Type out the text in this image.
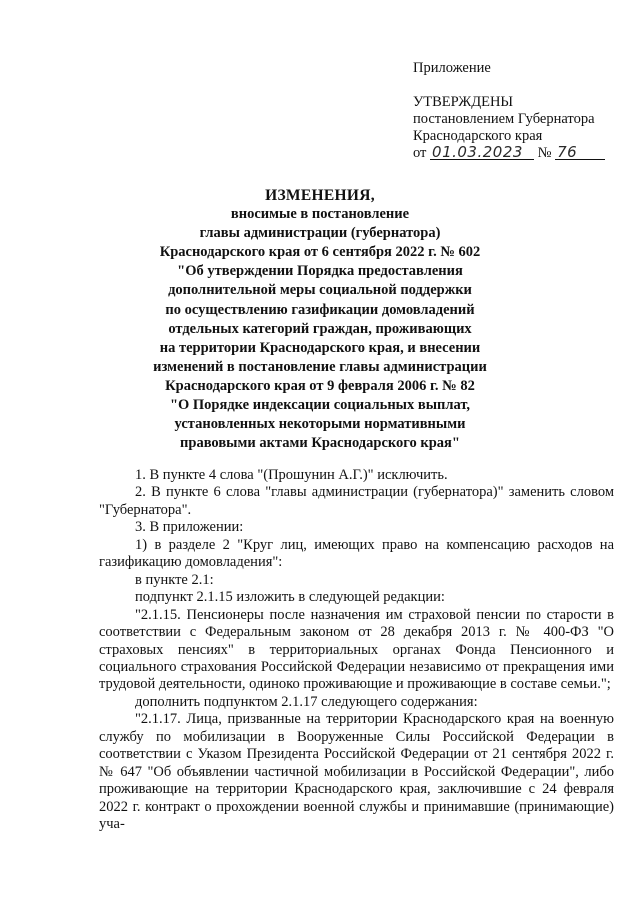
Приложение
УТВЕРЖДЕНЫ
постановлением Губернатора
Краснодарского края
от 01.03.2023 № 76
ИЗМЕНЕНИЯ,
вносимые в постановление
главы администрации (губернатора)
Краснодарского края от 6 сентября 2022 г. № 602
"Об утверждении Порядка предоставления
дополнительной меры социальной поддержки
по осуществлению газификации домовладений
отдельных категорий граждан, проживающих
на территории Краснодарского края, и внесении
изменений в постановление главы администрации
Краснодарского края от 9 февраля 2006 г. № 82
"О Порядке индексации социальных выплат,
установленных некоторыми нормативными
правовыми актами Краснодарского края"

1. В пункте 4 слова "(Прошунин А.Г.)" исключить.

2. В пункте 6 слова "главы администрации (губернатора)" заменить словом "Губернатора".

3. В приложении:

1) в разделе 2 "Круг лиц, имеющих право на компенсацию расходов на газификацию домовладения":

в пункте 2.1:

подпункт 2.1.15 изложить в следующей редакции:

"2.1.15. Пенсионеры после назначения им страховой пенсии по старости в соответствии с Федеральным законом от 28 декабря 2013 г. № 400-ФЗ "О страховых пенсиях" в территориальных органах Фонда Пенсионного и социального страхования Российской Федерации независимо от прекращения ими трудовой деятельности, одиноко проживающие и проживающие в составе семьи.";

дополнить подпунктом 2.1.17 следующего содержания:

"2.1.17. Лица, призванные на территории Краснодарского края на военную службу по мобилизации в Вооруженные Силы Российской Федерации в соответствии с Указом Президента Российской Федерации от 21 сентября 2022 г. № 647 "Об объявлении частичной мобилизации в Российской Федерации", либо проживающие на территории Краснодарского края, заключившие с 24 февраля 2022 г. контракт о прохождении военной службы и принимавшие (принимающие) уча-
